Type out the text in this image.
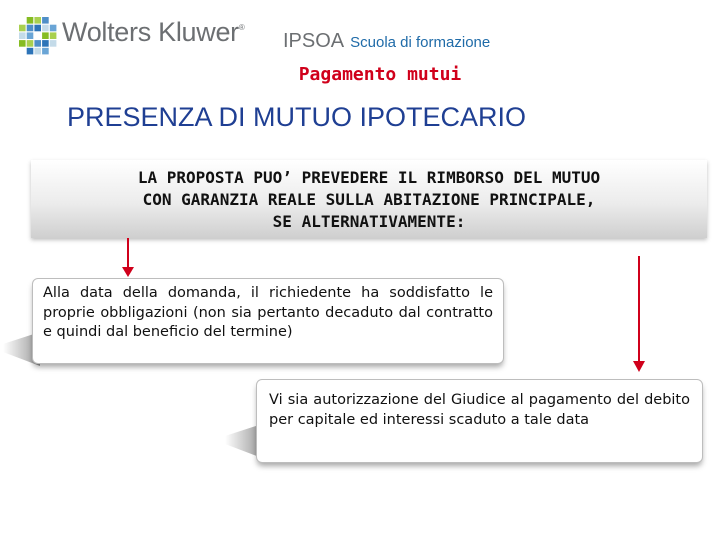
Wolters Kluwer®
IPSOA Scuola di formazione
Pagamento mutui
PRESENZA DI MUTUO IPOTECARIO
LA PROPOSTA PUO’ PREVEDERE IL RIMBORSO DEL MUTUO
CON GARANZIA REALE SULLA ABITAZIONE PRINCIPALE,
SE ALTERNATIVAMENTE:
Alla data della domanda, il richiedente ha soddisfatto le proprie obbligazioni (non sia pertanto decaduto dal contratto e quindi dal beneficio del termine)
Vi sia autorizzazione del Giudice al pagamento del debito per capitale ed interessi scaduto a tale data
